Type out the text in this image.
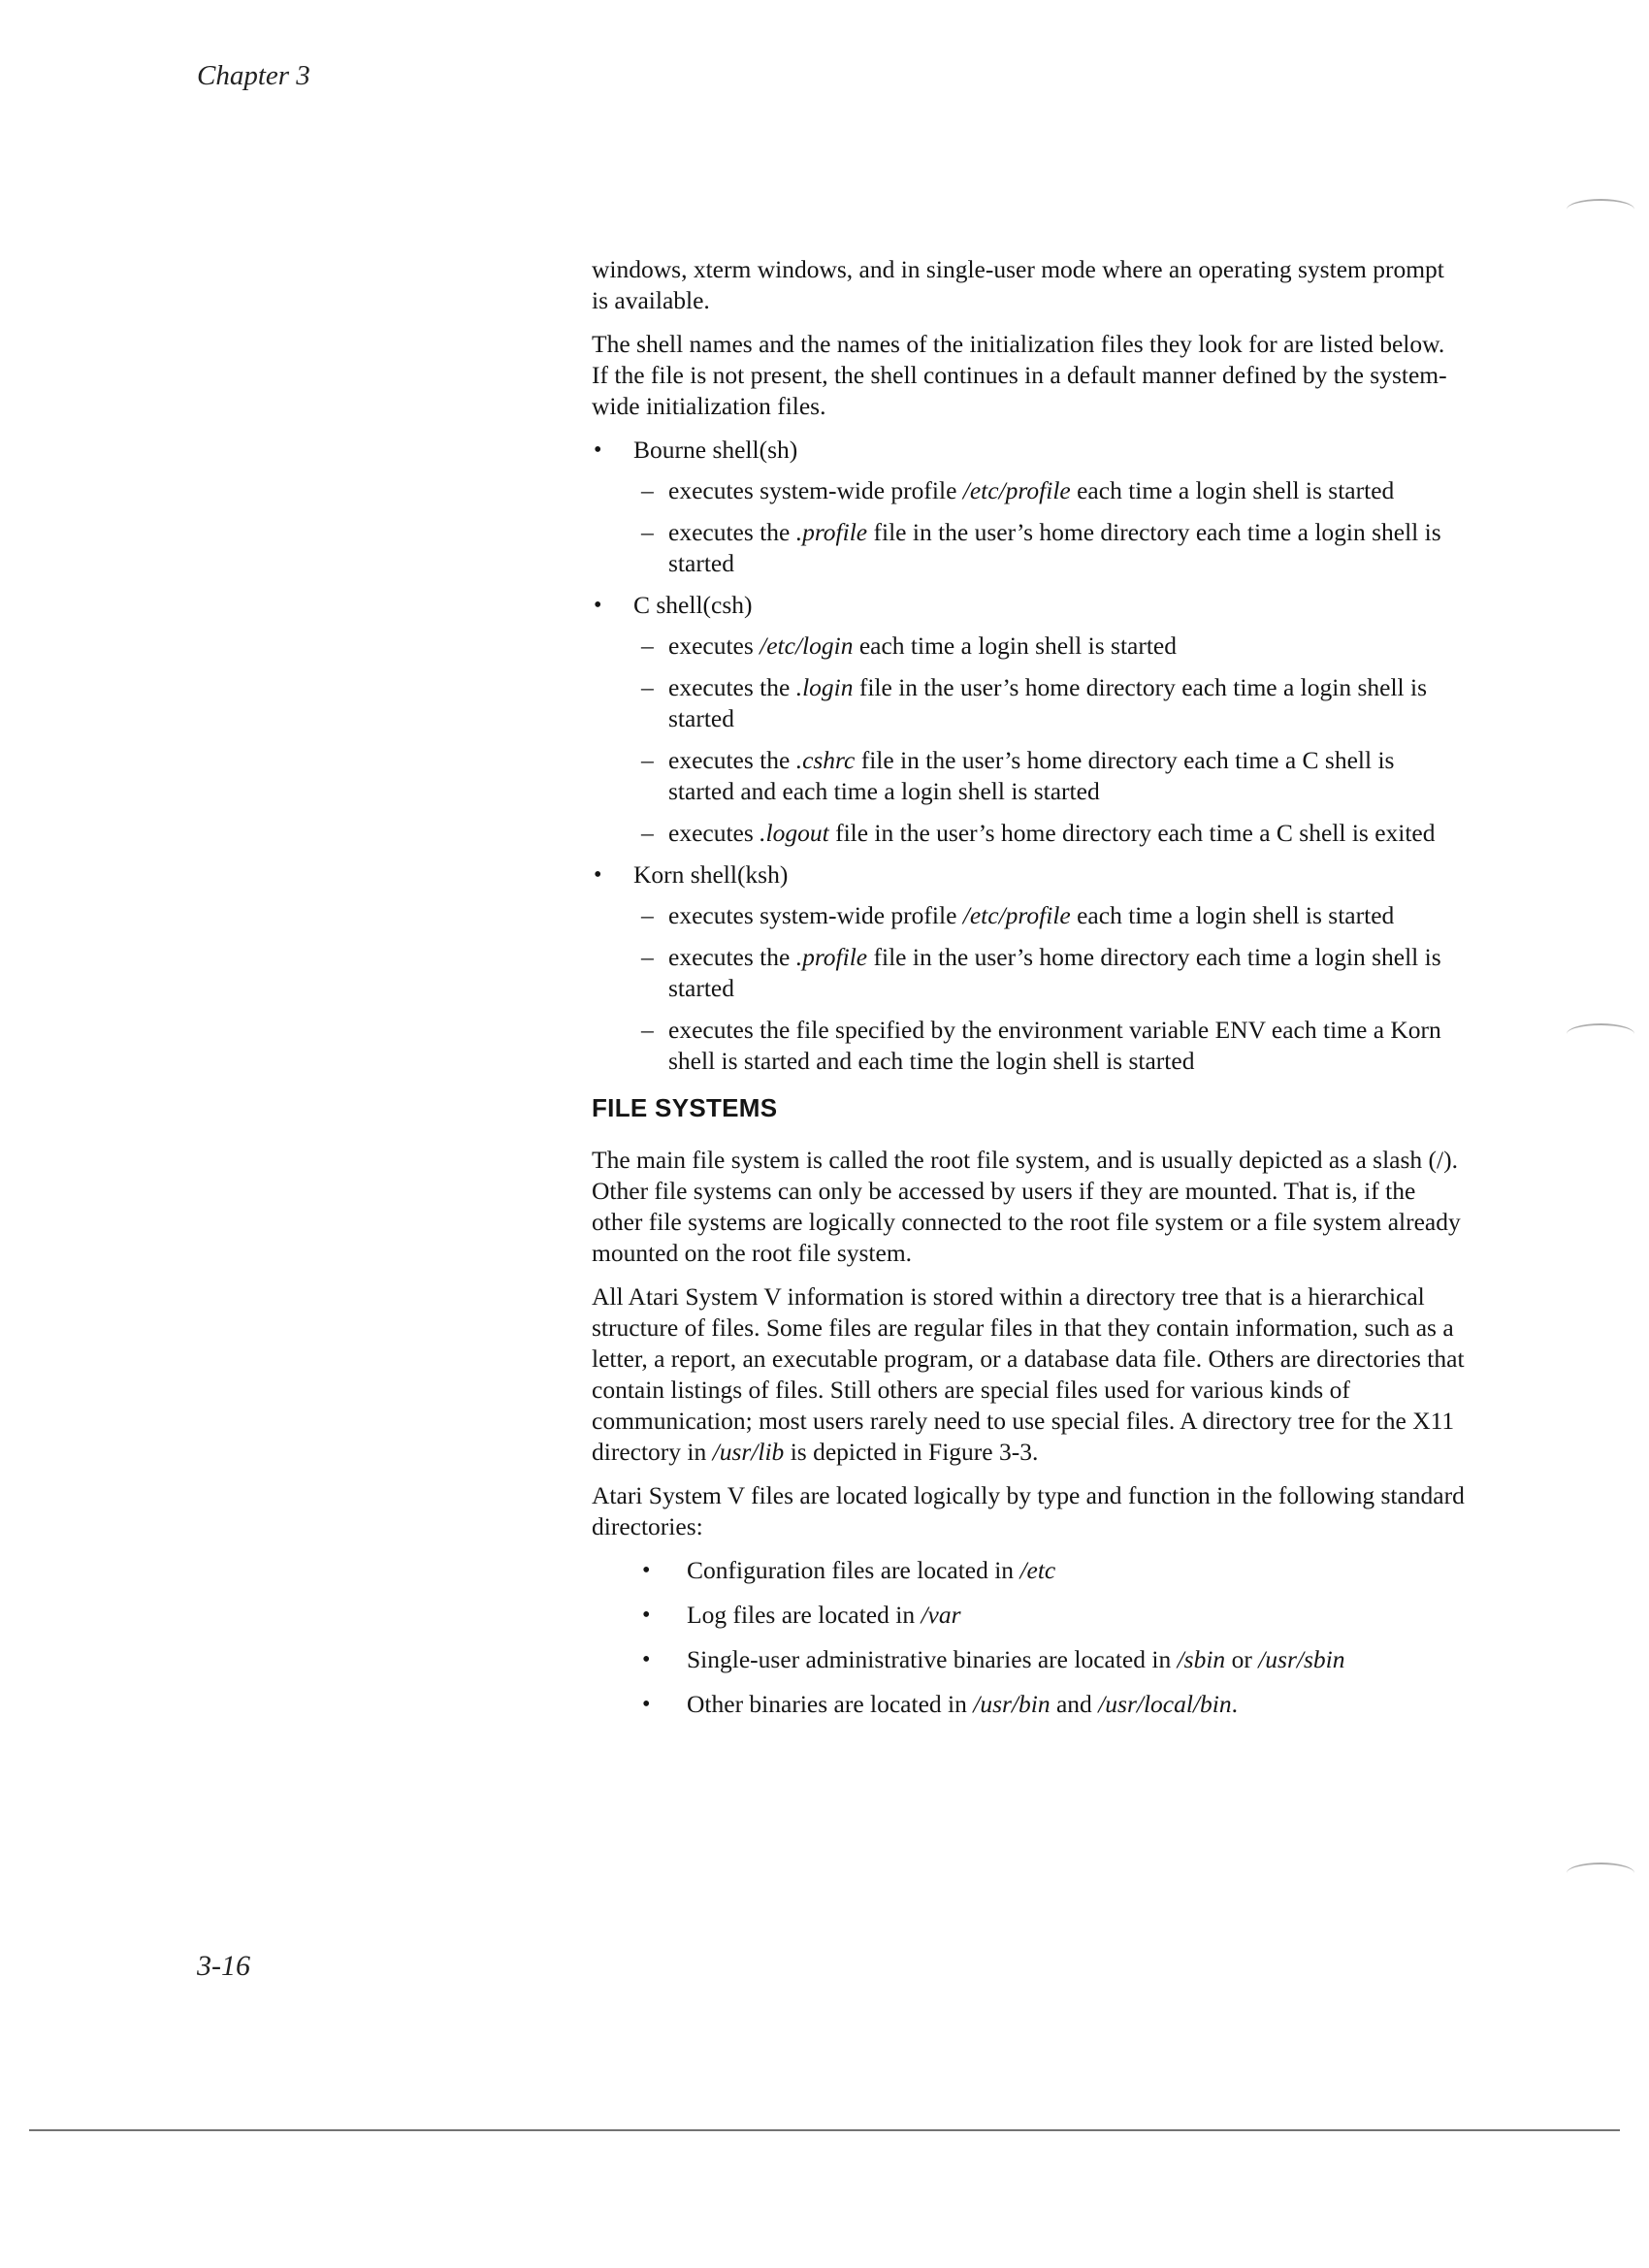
Chapter 3

windows, xterm windows, and in single-user mode where an operating system prompt is available.

The shell names and the names of the initialization files they look for are listed below. If the file is not present, the shell continues in a default manner defined by the system-wide initialization files.

• Bourne shell(sh)
– executes system-wide profile /etc/profile each time a login shell is started
– executes the .profile file in the user’s home directory each time a login shell is started
• C shell(csh)
– executes /etc/login each time a login shell is started
– executes the .login file in the user’s home directory each time a login shell is started
– executes the .cshrc file in the user’s home directory each time a C shell is started and each time a login shell is started
– executes .logout file in the user’s home directory each time a C shell is exited
• Korn shell(ksh)
– executes system-wide profile /etc/profile each time a login shell is started
– executes the .profile file in the user’s home directory each time a login shell is started
– executes the file specified by the environment variable ENV each time a Korn shell is started and each time the login shell is started
FILE SYSTEMS

The main file system is called the root file system, and is usually depicted as a slash (/). Other file systems can only be accessed by users if they are mounted. That is, if the other file systems are logically connected to the root file system or a file system already mounted on the root file system.

All Atari System V information is stored within a directory tree that is a hierarchical structure of files. Some files are regular files in that they contain information, such as a letter, a report, an executable program, or a database data file. Others are directories that contain listings of files. Still others are special files used for various kinds of communication; most users rarely need to use special files. A directory tree for the X11 directory in /usr/lib is depicted in Figure 3-3.

Atari System V files are located logically by type and function in the following standard directories:

• Configuration files are located in /etc
• Log files are located in /var
• Single-user administrative binaries are located in /sbin or /usr/sbin
• Other binaries are located in /usr/bin and /usr/local/bin.
3-16
